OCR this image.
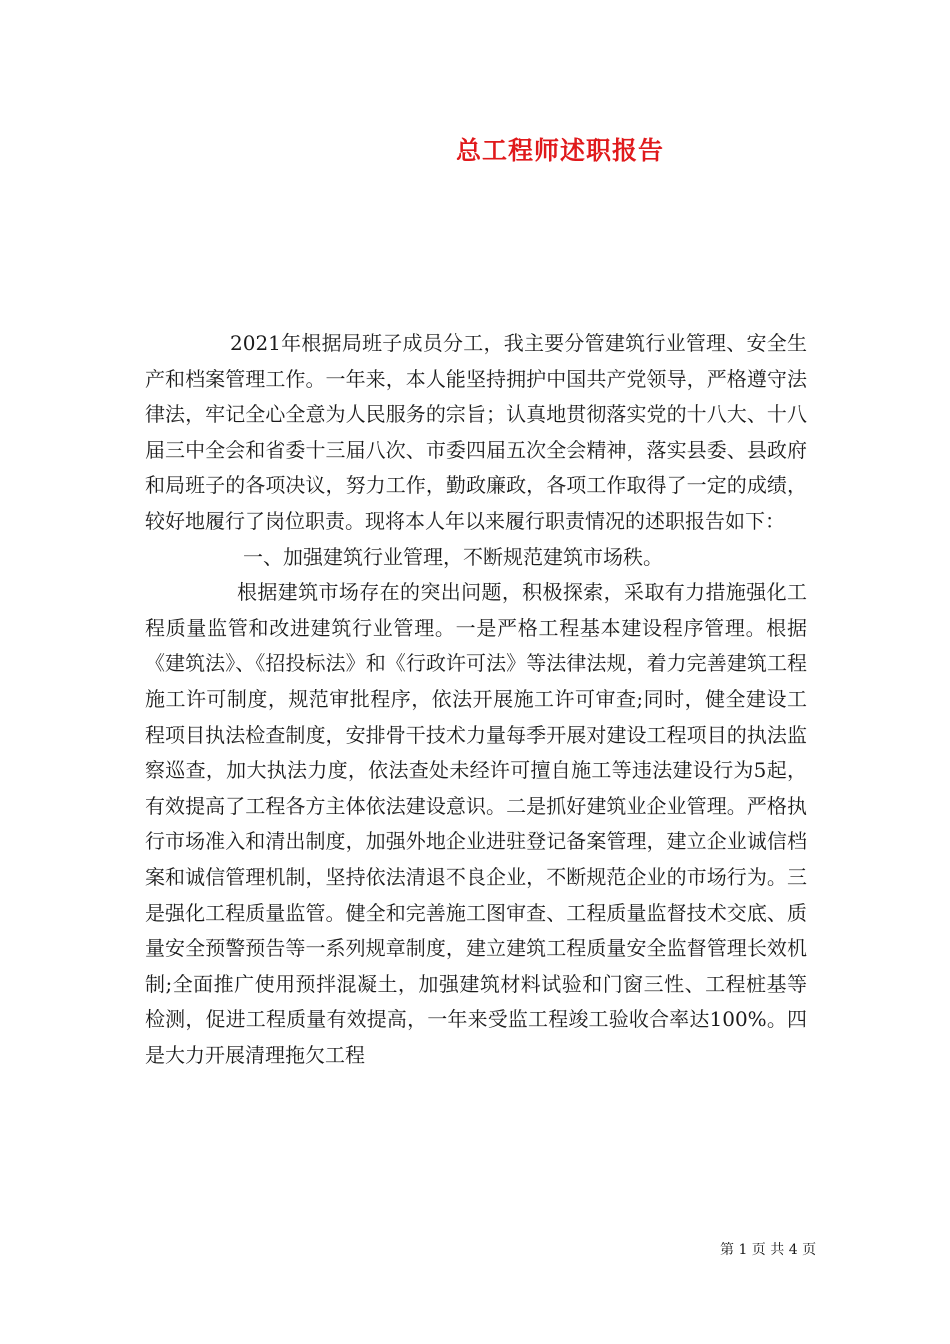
总工程师述职报告

2021年根据局班子成员分工，我主要分管建筑行业管理、安全生产和档案管理工作。一年来，本人能坚持拥护中国共产党领导，严格遵守法律法，牢记全心全意为人民服务的宗旨；认真地贯彻落实党的十八大、十八届三中全会和省委十三届八次、市委四届五次全会精神，落实县委、县政府和局班子的各项决议，努力工作，勤政廉政，各项工作取得了一定的成绩，较好地履行了岗位职责。现将本人年以来履行职责情况的述职报告如下：

一、加强建筑行业管理，不断规范建筑市场秩。

根据建筑市场存在的突出问题，积极探索，采取有力措施强化工程质量监管和改进建筑行业管理。一是严格工程基本建设程序管理。根据《建筑法》、《招投标法》和《行政许可法》等法律法规，着力完善建筑工程施工许可制度，规范审批程序，依法开展施工许可审查;同时，健全建设工程项目执法检查制度，安排骨干技术力量每季开展对建设工程项目的执法监察巡查，加大执法力度，依法查处未经许可擅自施工等违法建设行为5起，有效提高了工程各方主体依法建设意识。二是抓好建筑业企业管理。严格执行市场准入和清出制度，加强外地企业进驻登记备案管理，建立企业诚信档案和诚信管理机制，坚持依法清退不良企业，不断规范企业的市场行为。三是强化工程质量监管。健全和完善施工图审查、工程质量监督技术交底、质量安全预警预告等一系列规章制度，建立建筑工程质量安全监督管理长效机制;全面推广使用预拌混凝土，加强建筑材料试验和门窗三性、工程桩基等检测，促进工程质量有效提高，一年来受监工程竣工验收合率达100%。四是大力开展清理拖欠工程

第 1 页 共 4 页
